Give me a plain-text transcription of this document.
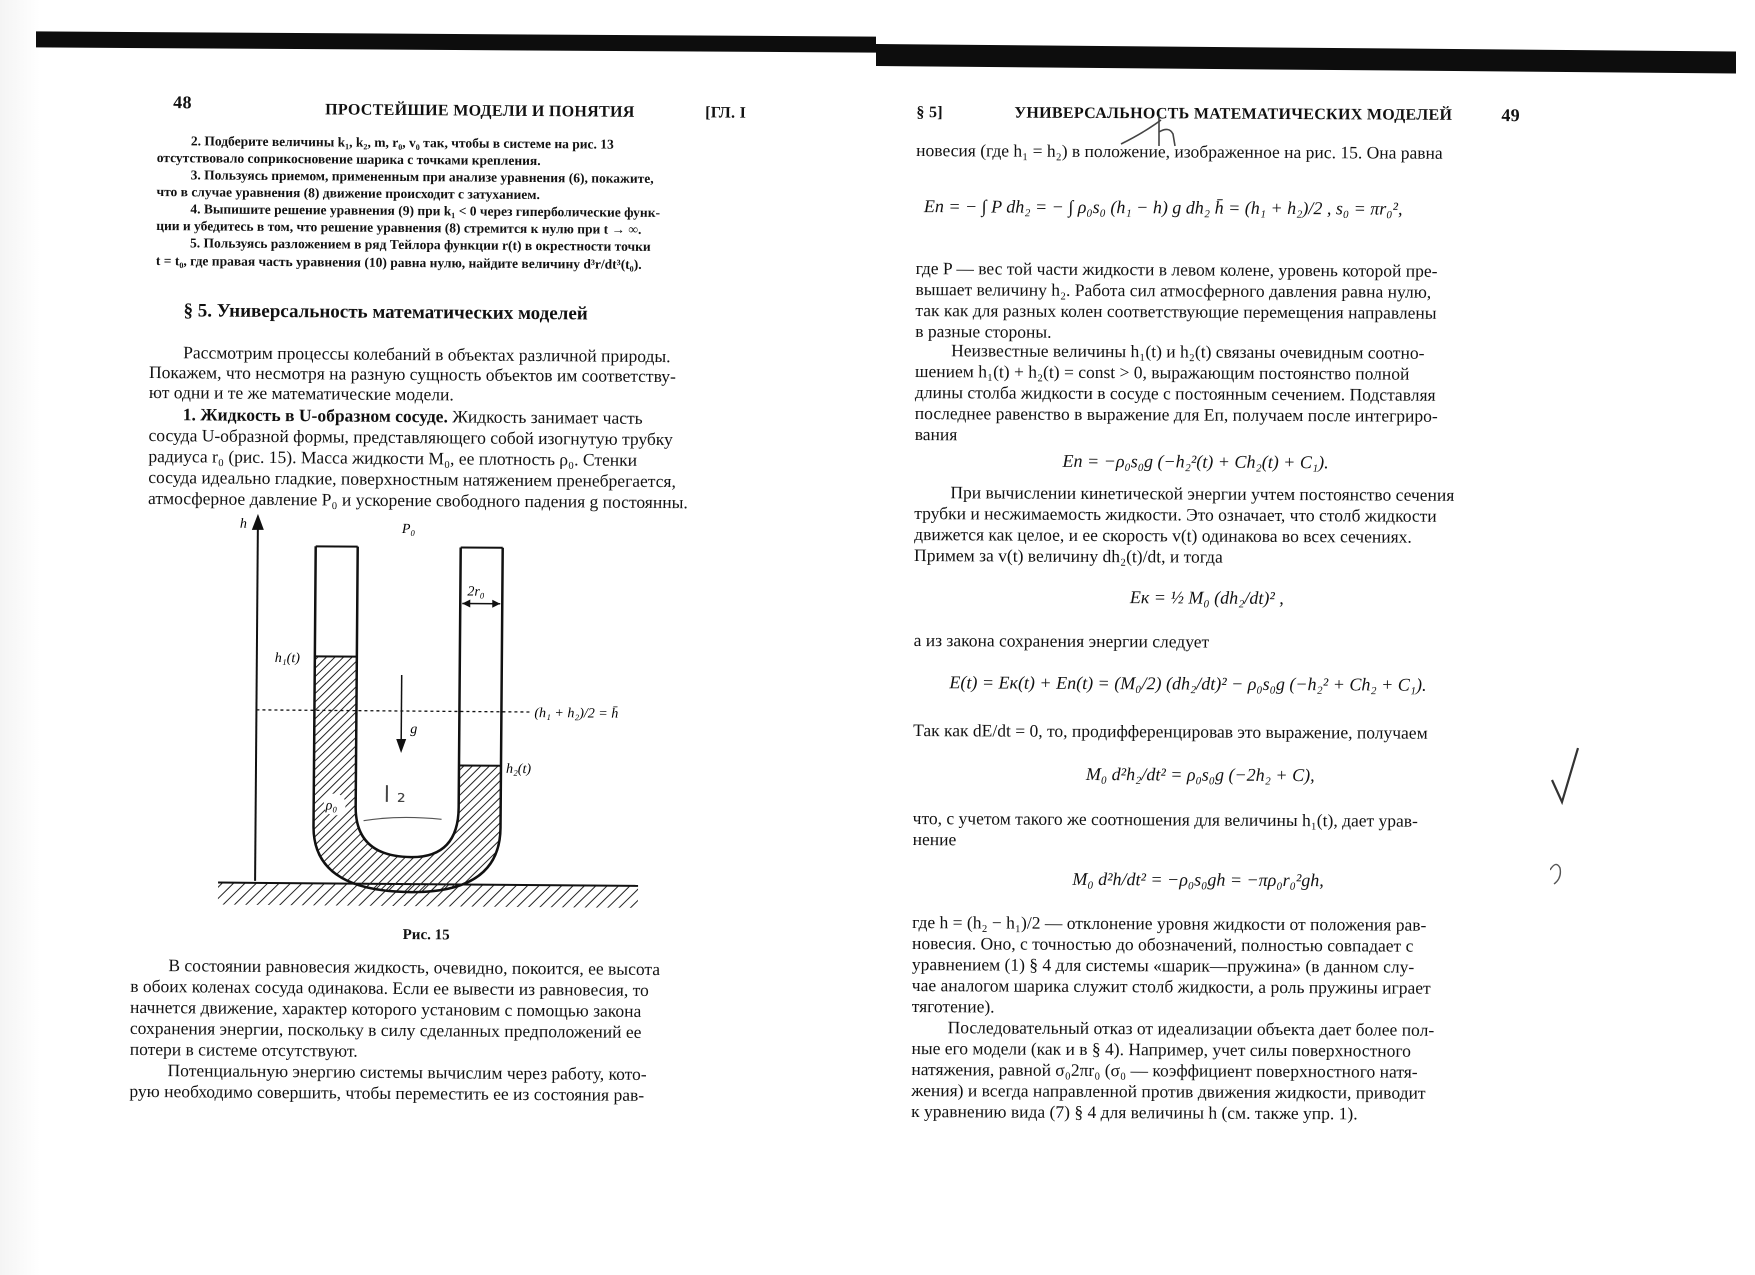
48	ПРОСТЕЙШИЕ МОДЕЛИ И ПОНЯТИЯ	[ГЛ. I
2. Подберите величины k₁, k₂, m, r₀, v₀ так, чтобы в системе на рис. 13
отсутствовало соприкосновение шарика с точками крепления.
3. Пользуясь приемом, примененным при анализе уравнения (6), покажите,
что в случае уравнения (8) движение происходит с затуханием.
4. Выпишите решение уравнения (9) при k₁ < 0 через гиперболические функ-
ции и убедитесь в том, что решение уравнения (8) стремится к нулю при t → ∞.
5. Пользуясь разложением в ряд Тейлора функции r(t) в окрестности точки
t = t₀, где правая часть уравнения (10) равна нулю, найдите величину d³r/dt³(t₀).
§ 5. Универсальность математических моделей
Рассмотрим процессы колебаний в объектах различной природы.
Покажем, что несмотря на разную сущность объектов им соответству-
ют одни и те же математические модели.
1. Жидкость в U-образном сосуде. Жидкость занимает часть
сосуда U-образной формы, представляющего собой изогнутую трубку
радиуса r₀ (рис. 15). Масса жидкости M₀, ее плотность ρ₀. Стенки
сосуда идеально гладкие, поверхностным натяжением пренебрегается,
атмосферное давление P₀ и ускорение свободного падения g постоянны.
h	P₀
2r₀
h₁(t)
h₂(t)
(h₁ + h₂)/2 = h̄
g
ρ₀ l ₂
Рис. 15
В состоянии равновесия жидкость, очевидно, покоится, ее высота
в обоих коленах сосуда одинакова. Если ее вывести из равновесия, то
начнется движение, характер которого установим с помощью закона
сохранения энергии, поскольку в силу сделанных предположений ее
потери в системе отсутствуют.
Потенциальную энергию системы вычислим через работу, кото-
рую необходимо совершить, чтобы переместить ее из состояния рав-
§ 5]	УНИВЕРСАЛЬНОСТЬ МАТЕМАТИЧЕСКИХ МОДЕЛЕЙ	49
новесия (где h₁ = h₂) в положение, изображенное на рис. 15. Она равна
Eп = − ∫ P dh₂ = − ∫ ρ₀s₀ (h₁ − h) g dh₂ h̄ = (h₁ + h₂)/2 , s₀ = πr₀²,
где P — вес той части жидкости в левом колене, уровень которой пре-
вышает величину h₂. Работа сил атмосферного давления равна нулю,
так как для разных колен соответствующие перемещения направлены
в разные стороны.
Неизвестные величины h₁(t) и h₂(t) связаны очевидным соотно-
шением h₁(t) + h₂(t) = const > 0, выражающим постоянство полной
длины столба жидкости в сосуде с постоянным сечением. Подставляя
последнее равенство в выражение для Eп, получаем после интегриро-
вания
Eп = −ρ₀s₀g (−h₂²(t) + Ch₂(t) + C₁).
При вычислении кинетической энергии учтем постоянство сечения
трубки и несжимаемость жидкости. Это означает, что столб жидкости
движется как целое, и ее скорость v(t) одинакова во всех сечениях.
Примем за v(t) величину dh₂(t)/dt, и тогда
Eк = ½ M₀ (dh₂/dt)² ,
а из закона сохранения энергии следует
E(t) = Eк(t) + Eп(t) = (M₀/2) (dh₂/dt)² − ρ₀s₀g (−h₂² + Ch₂ + C₁).
Так как dE/dt = 0, то, продифференцировав это выражение, получаем
M₀ d²h₂/dt² = ρ₀s₀g (−2h₂ + C),
что, с учетом такого же соотношения для величины h₁(t), дает урав-
нение
M₀ d²h/dt² = −ρ₀s₀gh = −πρ₀r₀²gh,
где h = (h₂ − h₁)/2 — отклонение уровня жидкости от положения рав-
новесия. Оно, с точностью до обозначений, полностью совпадает с
уравнением (1) § 4 для системы «шарик—пружина» (в данном слу-
чае аналогом шарика служит столб жидкости, а роль пружины играет
тяготение).
Последовательный отказ от идеализации объекта дает более пол-
ные его модели (как и в § 4). Например, учет силы поверхностного
натяжения, равной σ₀2πr₀ (σ₀ — коэффициент поверхностного натя-
жения) и всегда направленной против движения жидкости, приводит
к уравнению вида (7) § 4 для величины h (см. также упр. 1).
